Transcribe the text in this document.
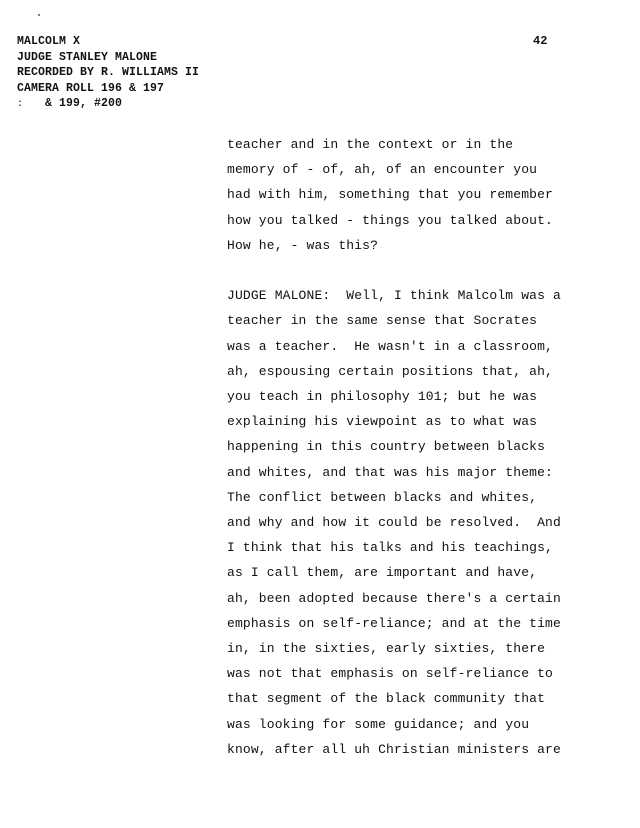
MALCOLM X
JUDGE STANLEY MALONE
RECORDED BY R. WILLIAMS II
CAMERA ROLL 196 & 197
: & 199, #200
42
teacher and in the context or in the
memory of - of, ah, of an encounter you
had with him, something that you remember
how you talked - things you talked about.
How he, - was this?
JUDGE MALONE:  Well, I think Malcolm was a
teacher in the same sense that Socrates
was a teacher.  He wasn't in a classroom,
ah, espousing certain positions that, ah,
you teach in philosophy 101; but he was
explaining his viewpoint as to what was
happening in this country between blacks
and whites, and that was his major theme:
The conflict between blacks and whites,
and why and how it could be resolved.  And
I think that his talks and his teachings,
as I call them, are important and have,
ah, been adopted because there's a certain
emphasis on self-reliance; and at the time
in, in the sixties, early sixties, there
was not that emphasis on self-reliance to
that segment of the black community that
was looking for some guidance; and you
know, after all uh Christian ministers are
